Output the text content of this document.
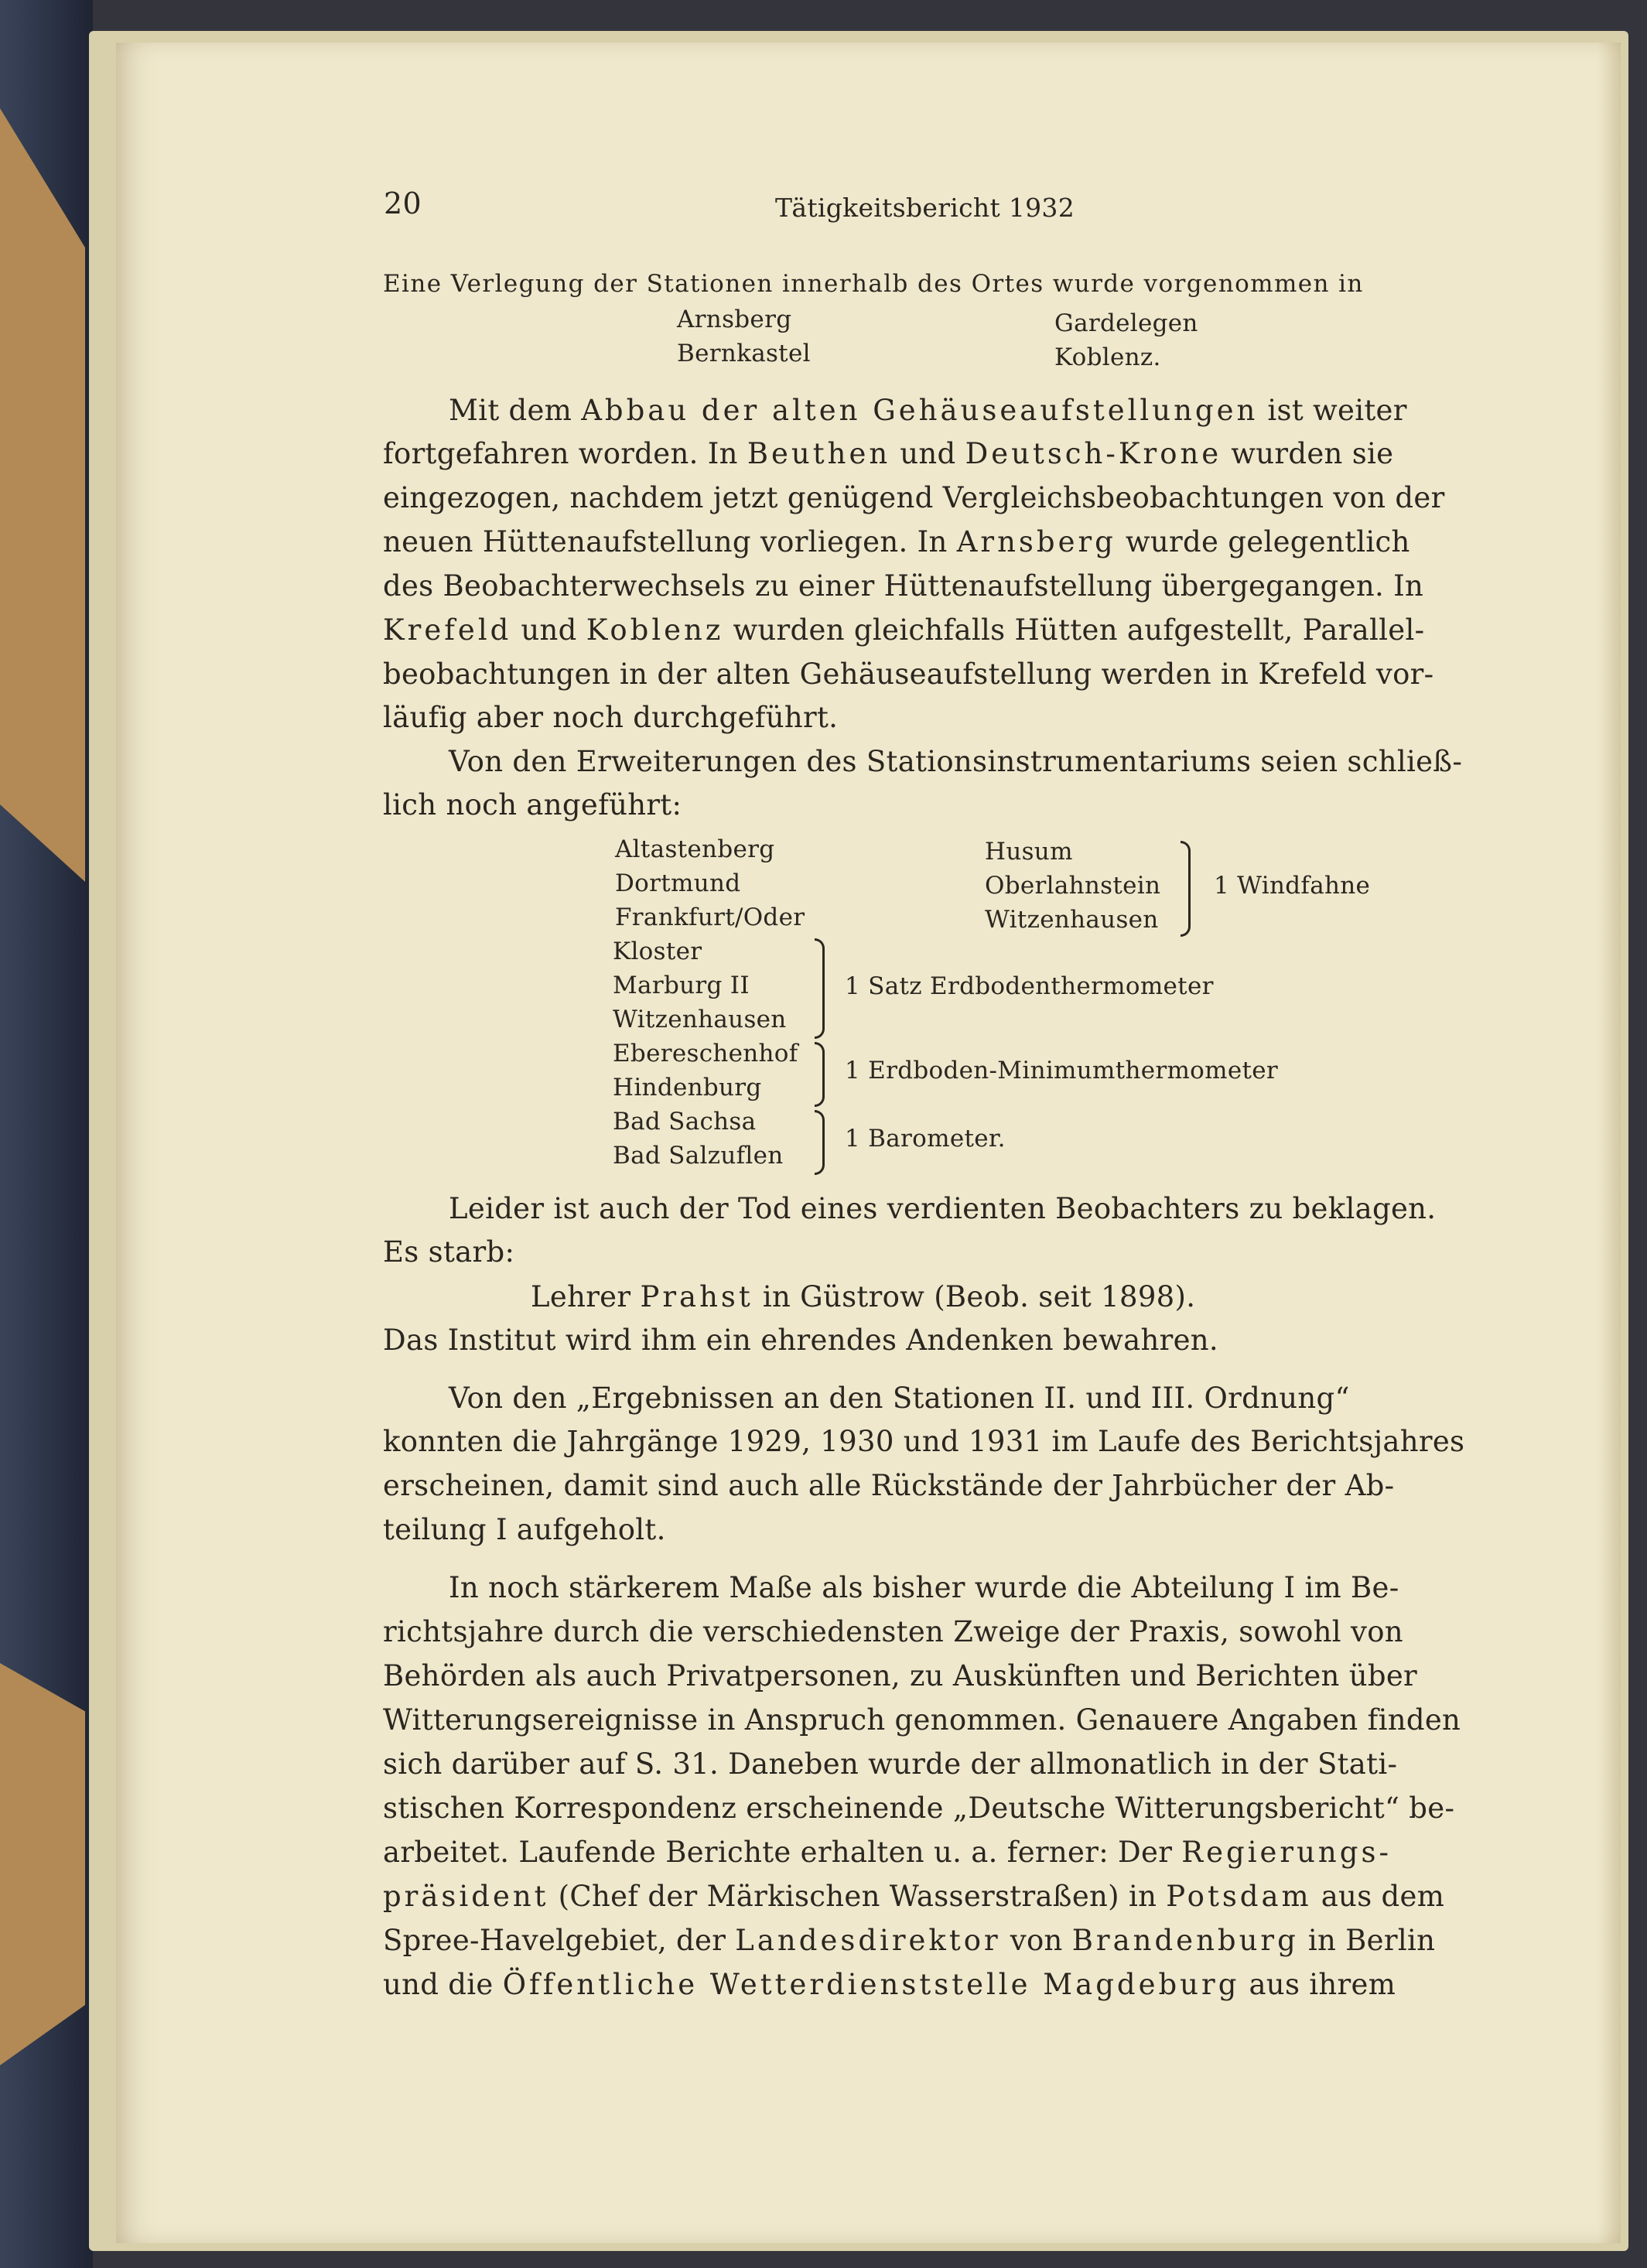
20	Tätigkeitsbericht 1932
Eine Verlegung der Stationen innerhalb des Ortes wurde vorgenommen in
Arnsberg
Bernkastel
Gardelegen
Koblenz.
Mit dem Abbau der alten Gehäuseaufstellungen ist weiter
fortgefahren worden. In Beuthen und Deutsch-Krone wurden sie
eingezogen, nachdem jetzt genügend Vergleichsbeobachtungen von der
neuen Hüttenaufstellung vorliegen. In Arnsberg wurde gelegentlich
des Beobachterwechsels zu einer Hüttenaufstellung übergegangen. In
Krefeld und Koblenz wurden gleichfalls Hütten aufgestellt, Parallel-
beobachtungen in der alten Gehäuseaufstellung werden in Krefeld vor-
läufig aber noch durchgeführt.
Von den Erweiterungen des Stationsinstrumentariums seien schließ-
lich noch angeführt:
Altastenberg
Dortmund
Frankfurt/Oder
Husum
Oberlahnstein
Witzenhausen
1 Windfahne
Kloster
Marburg II
Witzenhausen
1 Satz Erdbodenthermometer
Ebereschenhof
Hindenburg
1 Erdboden-Minimumthermometer
Bad Sachsa
Bad Salzuflen
1 Barometer.
Leider ist auch der Tod eines verdienten Beobachters zu beklagen.
Es starb:
Lehrer Prahst in Güstrow (Beob. seit 1898).
Das Institut wird ihm ein ehrendes Andenken bewahren.
Von den „Ergebnissen an den Stationen II. und III. Ordnung“
konnten die Jahrgänge 1929, 1930 und 1931 im Laufe des Berichtsjahres
erscheinen, damit sind auch alle Rückstände der Jahrbücher der Ab-
teilung I aufgeholt.
In noch stärkerem Maße als bisher wurde die Abteilung I im Be-
richtsjahre durch die verschiedensten Zweige der Praxis, sowohl von
Behörden als auch Privatpersonen, zu Auskünften und Berichten über
Witterungsereignisse in Anspruch genommen. Genauere Angaben finden
sich darüber auf S. 31. Daneben wurde der allmonatlich in der Stati-
stischen Korrespondenz erscheinende „Deutsche Witterungsbericht“ be-
arbeitet. Laufende Berichte erhalten u. a. ferner: Der Regierungs-
präsident (Chef der Märkischen Wasserstraßen) in Potsdam aus dem
Spree-Havelgebiet, der Landesdirektor von Brandenburg in Berlin
und die Öffentliche Wetterdienststelle Magdeburg aus ihrem
